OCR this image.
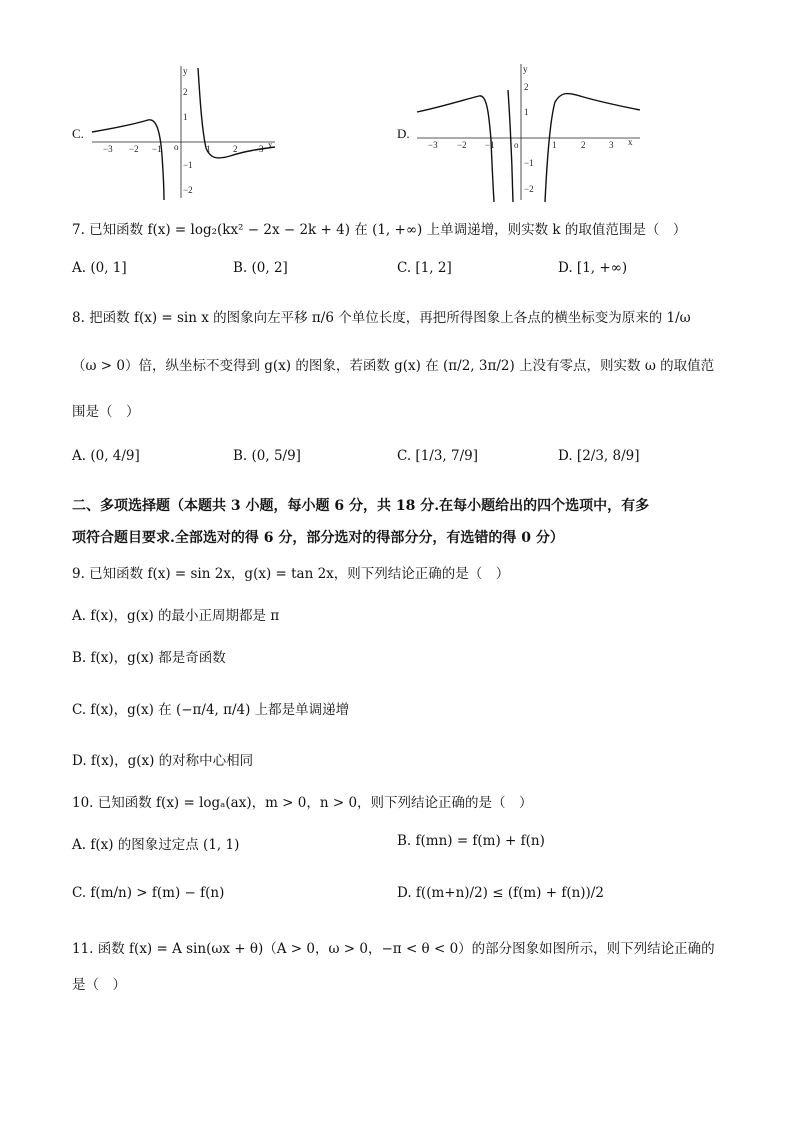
C.
x
y
o
−3 −2 −1	1	2 3
2
1
−1
−2
D.
x
y
o
−3 −2 −1	1	2	3
2
1
−1
−2
7. 已知函数 f(x) = log₂(kx² − 2x − 2k + 4) 在 (1, +∞) 上单调递增，则实数 k 的取值范围是（　）
A. (0, 1]	B. (0, 2]	C. [1, 2]	D. [1, +∞)
8. 把函数 f(x) = sin x 的图象向左平移 π/6 个单位长度，再把所得图象上各点的横坐标变为原来的 1/ω
（ω > 0）倍，纵坐标不变得到 g(x) 的图象，若函数 g(x) 在 (π/2, 3π/2) 上没有零点，则实数 ω 的取值范
围是（　）
A. (0, 4/9]	B. (0, 5/9]	C. [1/3, 7/9]	D. [2/3, 8/9]
二、多项选择题（本题共 3 小题，每小题 6 分，共 18 分.在每小题给出的四个选项中，有多
项符合题目要求.全部选对的得 6 分，部分选对的得部分分，有选错的得 0 分）
9. 已知函数 f(x) = sin 2x，g(x) = tan 2x，则下列结论正确的是（　）
A. f(x)，g(x) 的最小正周期都是 π
B. f(x)，g(x) 都是奇函数
C. f(x)，g(x) 在 (−π/4, π/4) 上都是单调递增
D. f(x)，g(x) 的对称中心相同
10. 已知函数 f(x) = logₐ(ax)，m > 0，n > 0，则下列结论正确的是（　）
A. f(x) 的图象过定点 (1, 1)	B. f(mn) = f(m) + f(n)
C. f(m/n) > f(m) − f(n)	D. f((m+n)/2) ≤ (f(m) + f(n))/2
11. 函数 f(x) = A sin(ωx + θ)（A > 0，ω > 0，−π < θ < 0）的部分图象如图所示，则下列结论正确的
是（　）
